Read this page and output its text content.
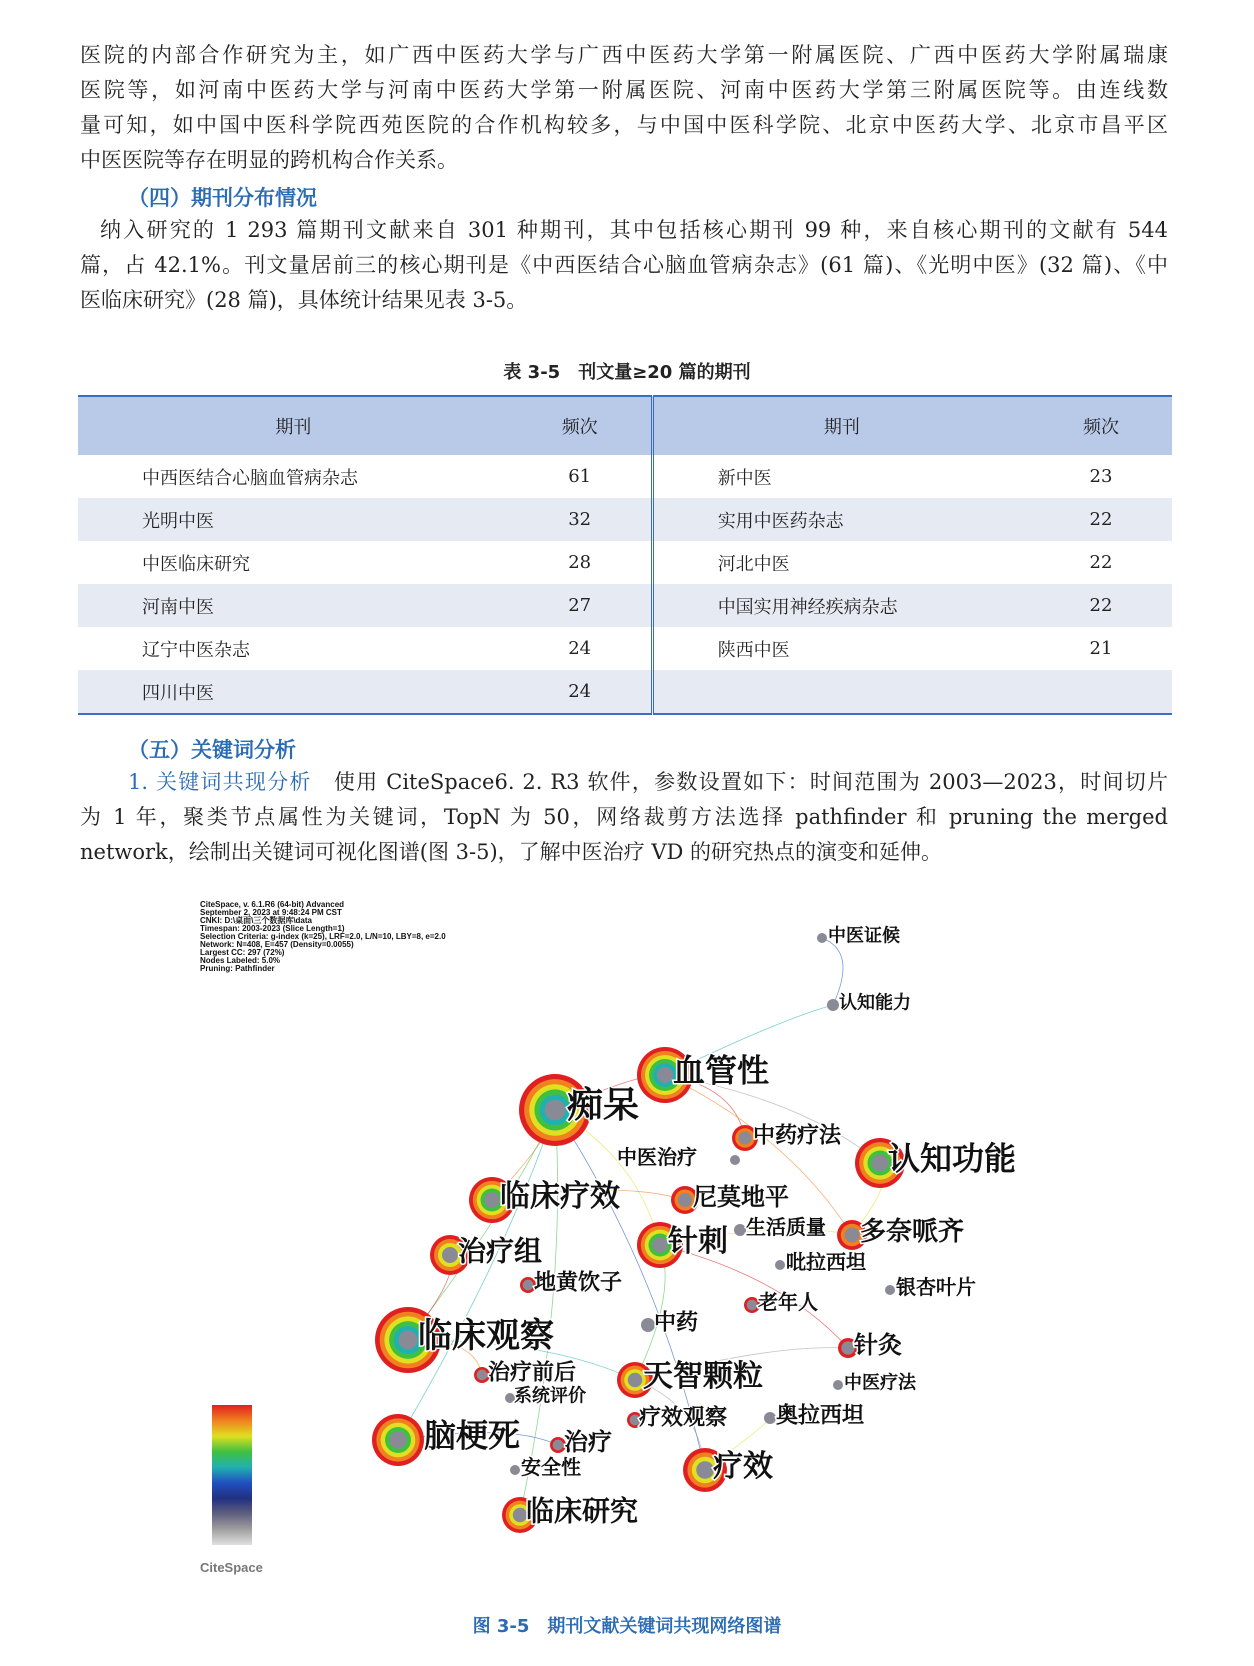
医院的内部合作研究为主，如广西中医药大学与广西中医药大学第一附属医院、广西中医药大学附属瑞康
医院等，如河南中医药大学与河南中医药大学第一附属医院、河南中医药大学第三附属医院等。由连线数
量可知，如中国中医科学院西苑医院的合作机构较多，与中国中医科学院、北京中医药大学、北京市昌平区
中医医院等存在明显的跨机构合作关系。
（四）期刊分布情况
纳入研究的 1 293 篇期刊文献来自 301 种期刊，其中包括核心期刊 99 种，来自核心期刊的文献有 544
篇，占 42.1%。刊文量居前三的核心期刊是《中西医结合心脑血管病杂志》(61 篇)、《光明中医》(32 篇)、《中
医临床研究》(28 篇)，具体统计结果见表 3-5。
表 3-5　刊文量≥20 篇的期刊
期刊	频次	期刊	频次
中西医结合心脑血管病杂志	61	新中医	23
光明中医	32	实用中医药杂志	22
中医临床研究	28	河北中医	22
河南中医	27	中国实用神经疾病杂志	22
辽宁中医杂志	24	陕西中医	21
四川中医	24		
（五）关键词分析
1. 关键词共现分析　 使用 CiteSpace6. 2. R3 软件，参数设置如下：时间范围为 2003—2023，时间切片
为 1 年，聚类节点属性为关键词，TopN 为 50，网络裁剪方法选择 pathfinder 和 pruning the merged
network，绘制出关键词可视化图谱(图 3-5)，了解中医治疗 VD 的研究热点的演变和延伸。
CiteSpace, v. 6.1.R6 (64-bit) Advanced
September 2, 2023 at 9:48:24 PM CST
CNKI: D:\桌面\三个数据库\data
Timespan: 2003-2023 (Slice Length=1)
Selection Criteria: g-index (k=25), LRF=2.0, L/N=10, LBY=8, e=2.0
Network: N=408, E=457 (Density=0.0055)
Largest CC: 297 (72%)
Nodes Labeled: 5.0%
Pruning: Pathfinder
中医证候
认知能力
血管性
痴呆
中药疗法
认知功能
中医治疗
临床疗效	尼莫地平
多奈哌齐
生活质量
针刺
治疗组	吡拉西坦
地黄饮子	银杏叶片
老年人
中药
临床观察	针灸
治疗前后 天智颗粒	中医疗法
系统评价
疗效观察 奥拉西坦
脑梗死 治疗
安全性	疗效
临床研究
CiteSpace
图 3-5　期刊文献关键词共现网络图谱
